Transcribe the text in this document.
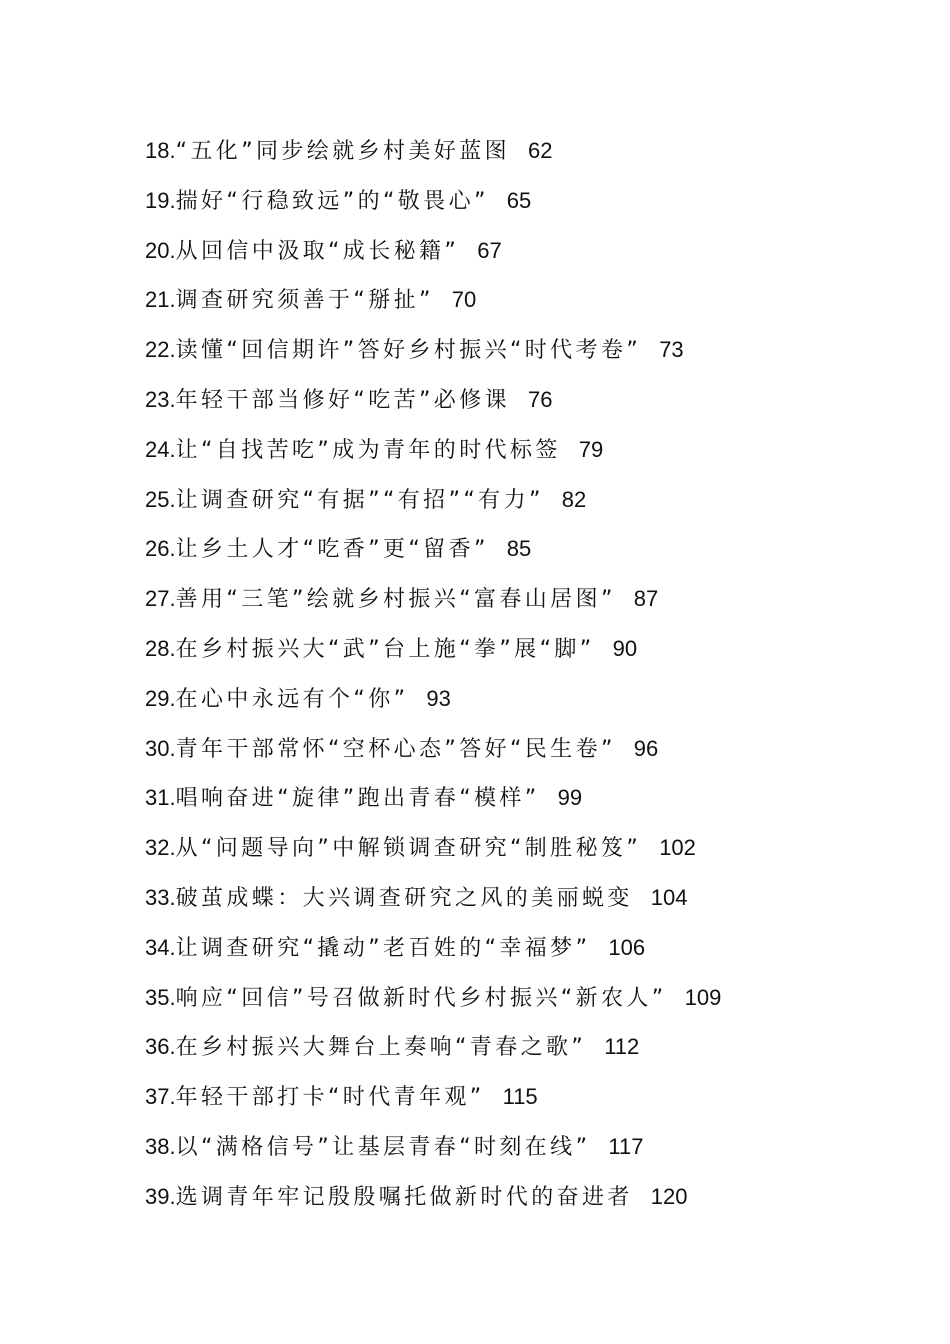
18. “五化”同步绘就乡村美好蓝图 62
19. 揣好“行稳致远”的“敬畏心” 65
20. 从回信中汲取“成长秘籍” 67
21. 调查研究须善于“掰扯” 70
22. 读懂“回信期许”答好乡村振兴“时代考卷” 73
23. 年轻干部当修好“吃苦”必修课 76
24. 让“自找苦吃”成为青年的时代标签 79
25. 让调查研究“有据”“有招”“有力” 82
26. 让乡土人才“吃香”更“留香” 85
27. 善用“三笔”绘就乡村振兴“富春山居图” 87
28. 在乡村振兴大“武”台上施“拳”展“脚” 90
29. 在心中永远有个“你” 93
30. 青年干部常怀“空杯心态”答好“民生卷” 96
31. 唱响奋进“旋律”跑出青春“模样” 99
32. 从“问题导向”中解锁调查研究“制胜秘笈” 102
33. 破茧成蝶：大兴调查研究之风的美丽蜕变 104
34. 让调查研究“撬动”老百姓的“幸福梦” 106
35. 响应“回信”号召做新时代乡村振兴“新农人” 109
36. 在乡村振兴大舞台上奏响“青春之歌” 112
37. 年轻干部打卡“时代青年观” 115
38. 以“满格信号”让基层青春“时刻在线” 117
39. 选调青年牢记殷殷嘱托做新时代的奋进者 120
